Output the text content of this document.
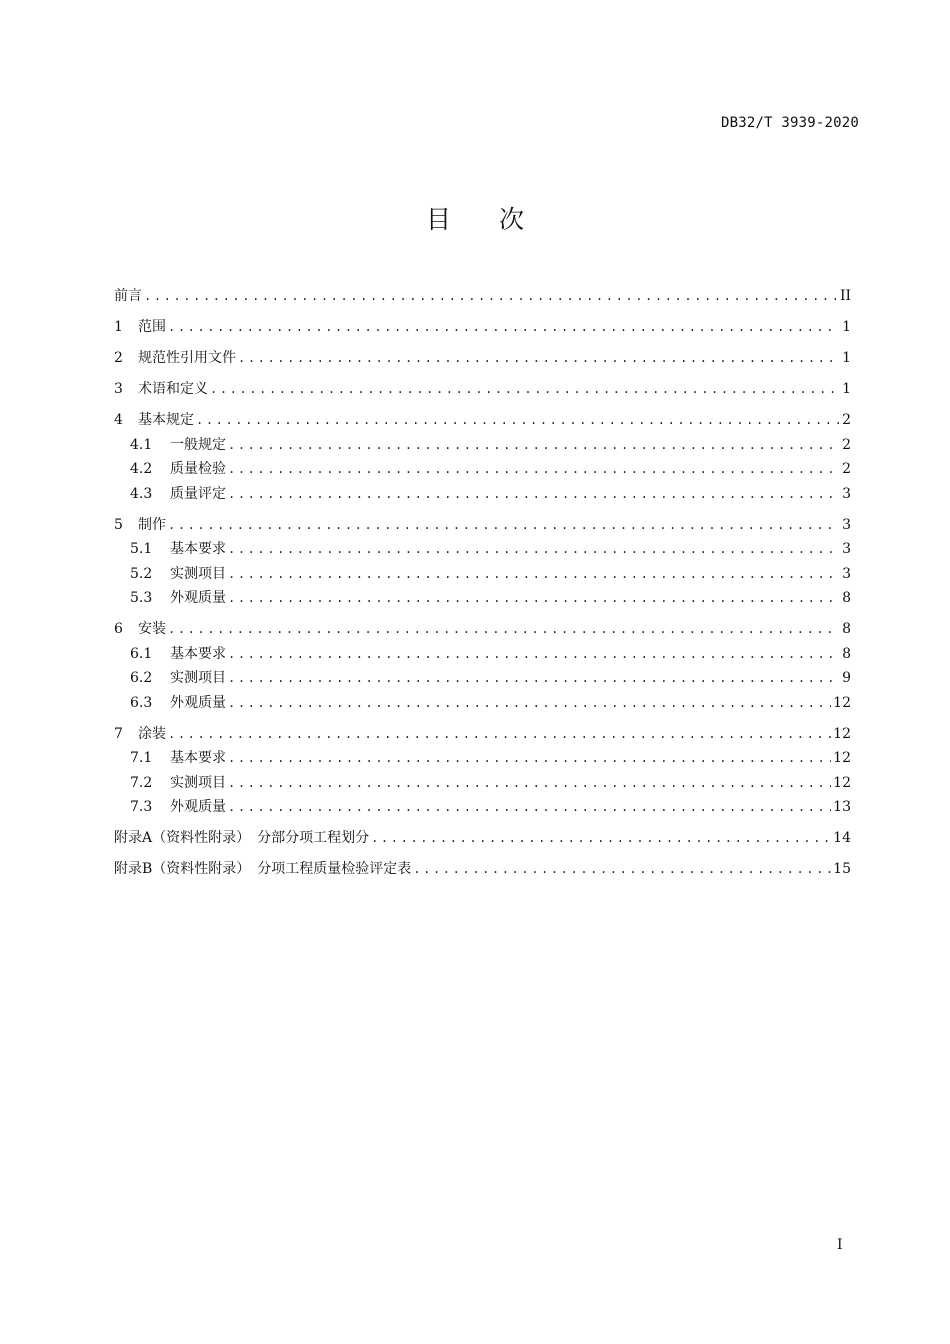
DB32/T 3939-2020
目 次
前言 .....	II
1	范围 .....	1
2	规范性引用文件 .....	1
3	术语和定义 .....	1
4	基本规定 .....	2
4.1	一般规定 .....	2
4.2	质量检验 .....	2
4.3	质量评定 .....	3
5	制作 .....	3
5.1	基本要求 .....	3
5.2	实测项目 .....	3
5.3	外观质量 .....	8
6	安装 .....	8
6.1	基本要求 .....	8
6.2	实测项目 .....	9
6.3	外观质量 .....	12
7	涂装 .....	12
7.1	基本要求 .....	12
7.2	实测项目 .....	12
7.3	外观质量 .....	13
附录A（资料性附录）　分部分项工程划分 .....	14
附录B（资料性附录）　分项工程质量检验评定表 .....	15
I
